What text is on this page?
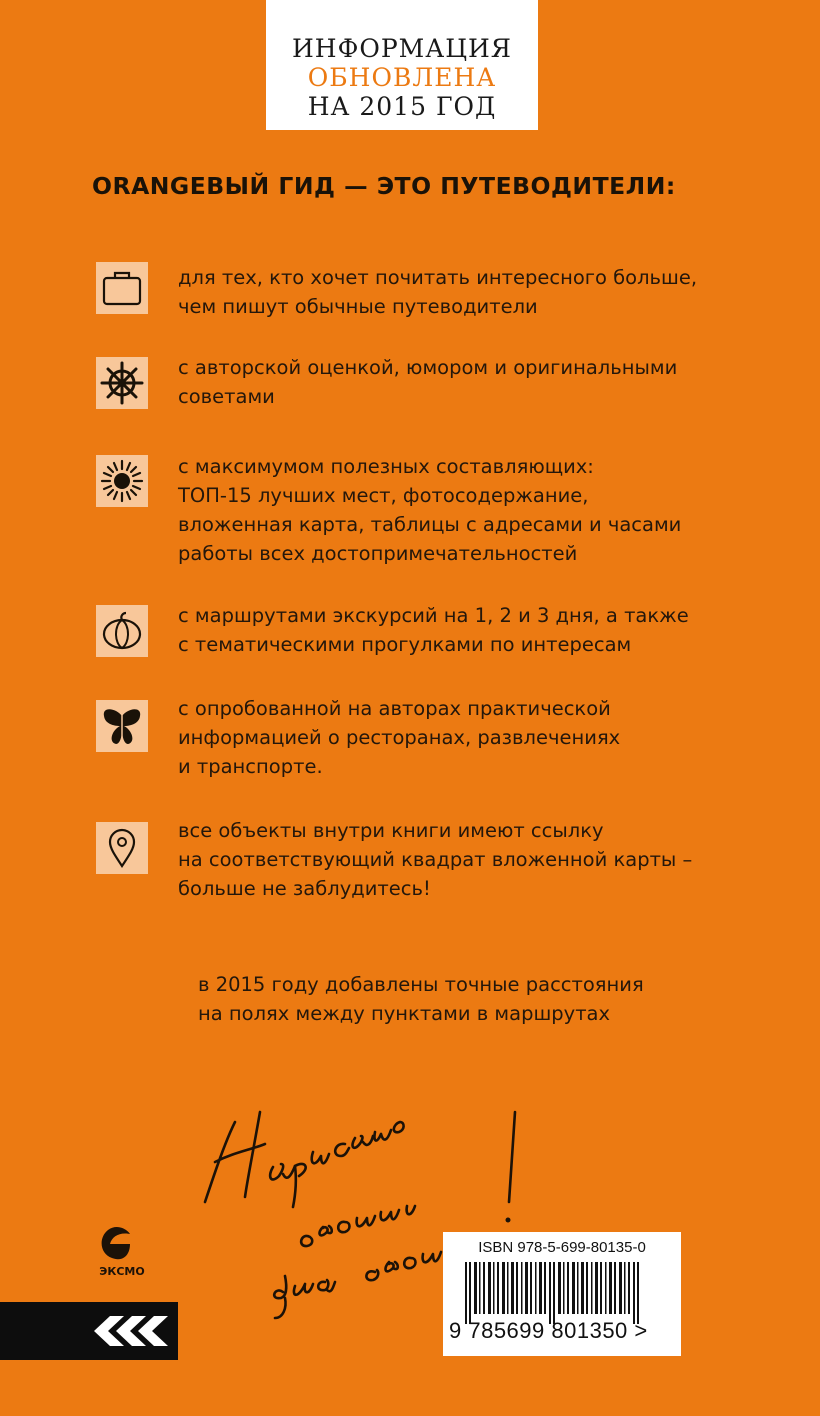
ИНФОРМАЦИЯ
ОБНОВЛЕНА
НА 2015 ГОД
ORANGEВЫЙ ГИД — ЭТО ПУТЕВОДИТЕЛИ:
для тех, кто хочет почитать интересного больше,
чем пишут обычные путеводители
с авторской оценкой, юмором и оригинальными
советами
с максимумом полезных составляющих:
ТОП-15 лучших мест, фотосодержание,
вложенная карта, таблицы с адресами и часами
работы всех достопримечательностей
с маршрутами экскурсий на 1, 2 и 3 дня, а также
с тематическими прогулками по интересам
с опробованной на авторах практической
информацией о ресторанах, развлечениях
и транспорте.
все объекты внутри книги имеют ссылку
на соответствующий квадрат вложенной карты –
больше не заблудитесь!
в 2015 году добавлены точные расстояния
на полях между пунктами в маршрутах
ЭКСМО
ISBN 978-5-699-80135-0
9 785699 801350 >
